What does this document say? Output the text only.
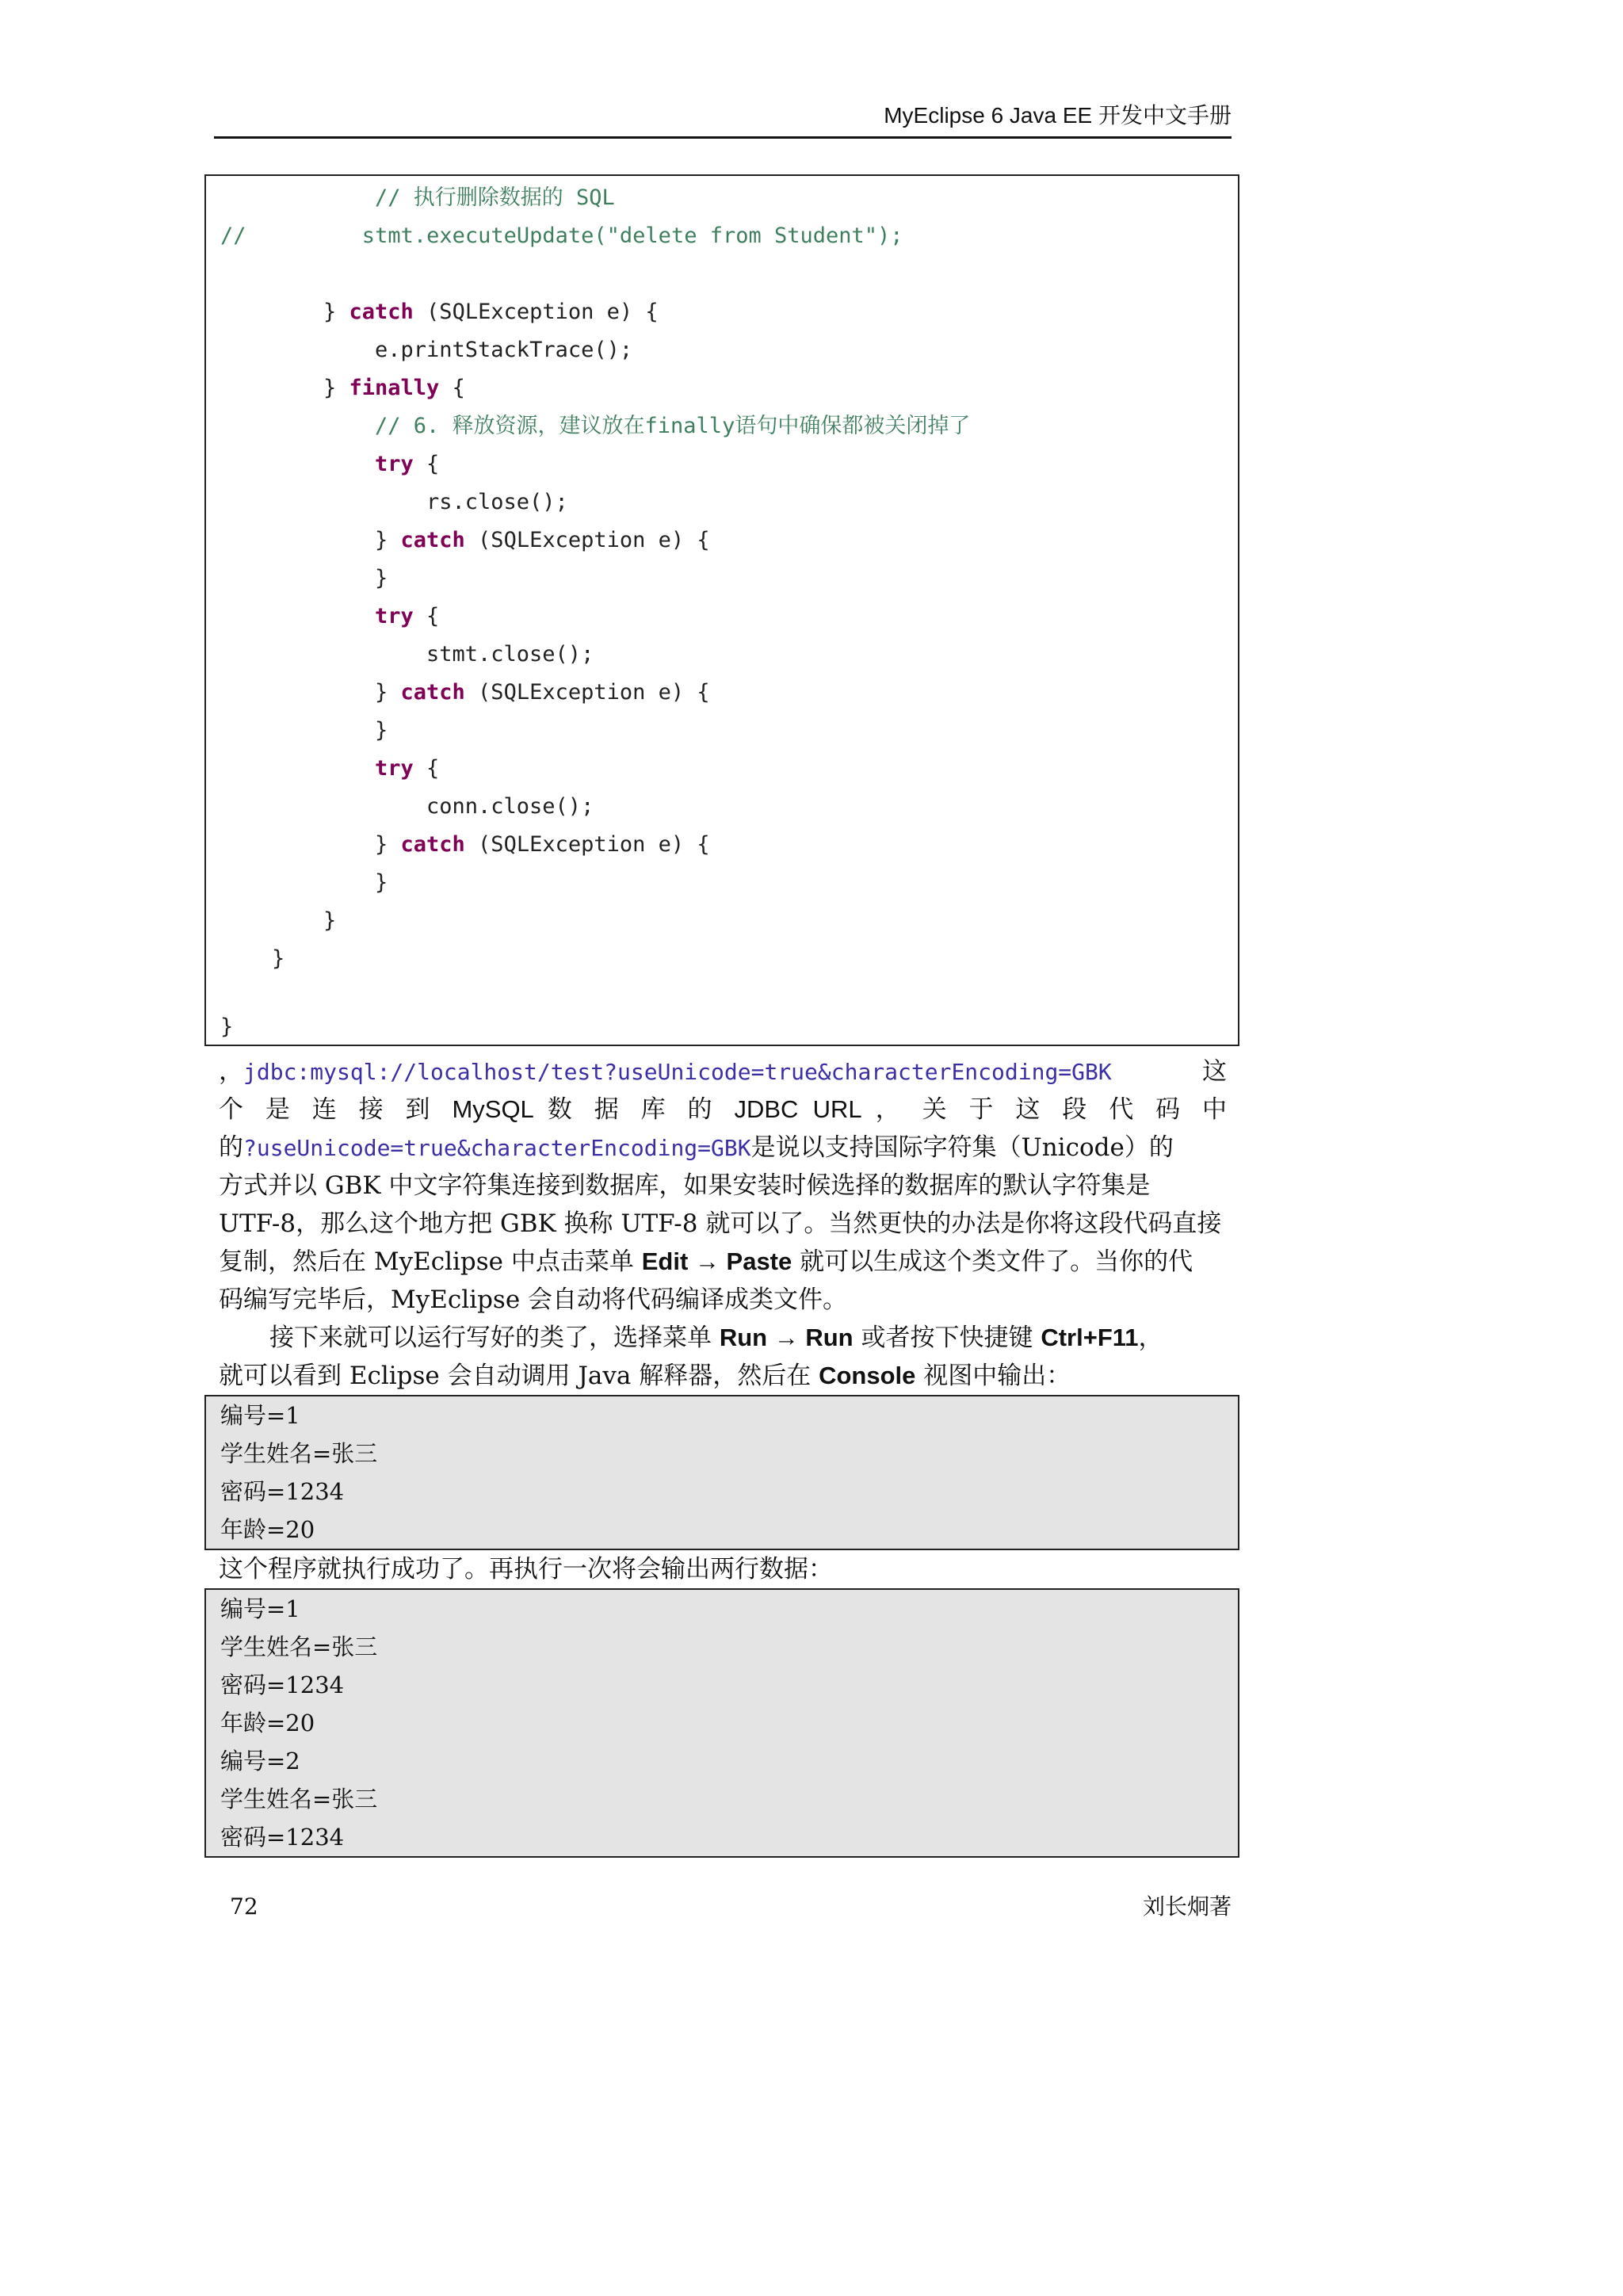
MyEclipse 6 Java EE 开发中文手册
// 执行删除数据的 SQL
//         stmt.executeUpdate("delete from Student");
} catch (SQLException e) {
e.printStackTrace();
} finally {
// 6. 释放资源，建议放在finally语句中确保都被关闭掉了
try {
rs.close();
} catch (SQLException e) {
}
try {
stmt.close();
} catch (SQLException e) {
}
try {
conn.close();
} catch (SQLException e) {
}
}
}
}
，jdbc:mysql://localhost/test?useUnicode=true&characterEncoding=GBK	这
个 是 连 接 到 MySQL 数 据 库 的 JDBC URL ， 关 于 这 段 代 码 中
的?useUnicode=true&characterEncoding=GBK是说以支持国际字符集（Unicode）的
方式并以 GBK 中文字符集连接到数据库，如果安装时候选择的数据库的默认字符集是
UTF-8，那么这个地方把 GBK 换称 UTF-8 就可以了。当然更快的办法是你将这段代码直接
复制，然后在 MyEclipse 中点击菜单 Edit → Paste 就可以生成这个类文件了。当你的代
码编写完毕后，MyEclipse 会自动将代码编译成类文件。
接下来就可以运行写好的类了，选择菜单 Run → Run 或者按下快捷键 Ctrl+F11，
就可以看到 Eclipse 会自动调用 Java 解释器，然后在 Console 视图中输出：
编号=1
学生姓名=张三
密码=1234
年龄=20
这个程序就执行成功了。再执行一次将会输出两行数据：
编号=1
学生姓名=张三
密码=1234
年龄=20
编号=2
学生姓名=张三
密码=1234
72	刘长炯著
